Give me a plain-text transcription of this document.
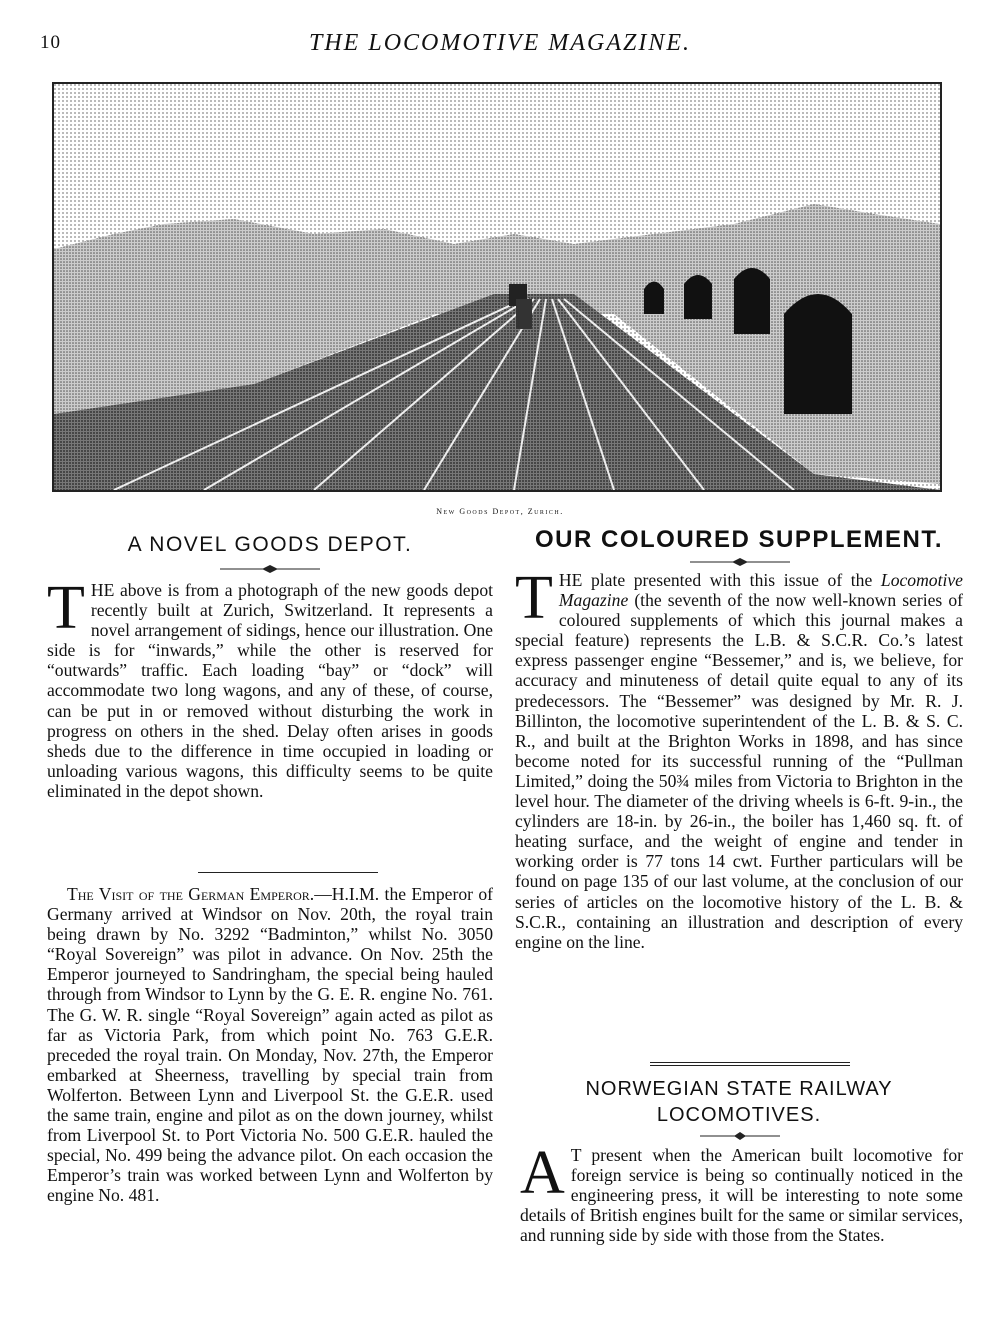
10	THE LOCOMOTIVE MAGAZINE.
New Goods Depot, Zurich.
A NOVEL GOODS DEPOT.

THE above is from a photograph of the new goods depot recently built at Zurich, Switzerland. It represents a novel arrangement of sidings, hence our illustration. One side is for “inwards,” while the other is reserved for “outwards” traffic. Each loading “bay” or “dock” will accommodate two long wagons, and any of these, of course, can be put in or removed without disturbing the work in progress on others in the shed. Delay often arises in goods sheds due to the difference in time occupied in loading or unloading various wagons, this difficulty seems to be quite eliminated in the depot shown.

The Visit of the German Emperor.—H.I.M. the Emperor of Germany arrived at Windsor on Nov. 20th, the royal train being drawn by No. 3292 “Badminton,” whilst No. 3050 “Royal Sovereign” was pilot in advance. On Nov. 25th the Emperor journeyed to Sandringham, the special being hauled through from Windsor to Lynn by the G. E. R. engine No. 761. The G. W. R. single “Royal Sovereign” again acted as pilot as far as Victoria Park, from which point No. 763 G.E.R. preceded the royal train. On Monday, Nov. 27th, the Emperor embarked at Sheerness, travelling by special train from Wolferton. Between Lynn and Liverpool St. the G.E.R. used the same train, engine and pilot as on the down journey, whilst from Liverpool St. to Port Victoria No. 500 G.E.R. hauled the special, No. 499 being the advance pilot. On each occasion the Emperor’s train was worked between Lynn and Wolferton by engine No. 481.

OUR COLOURED SUPPLEMENT.

THE plate presented with this issue of the Locomotive Magazine (the seventh of the now well-known series of coloured supplements of which this journal makes a special feature) represents the L.B. & S.C.R. Co.’s latest express passenger engine “Bessemer,” and is, we believe, for accuracy and minuteness of detail quite equal to any of its predecessors. The “Bessemer” was designed by Mr. R. J. Billinton, the locomotive superintendent of the L. B. & S. C. R., and built at the Brighton Works in 1898, and has since become noted for its successful running of the “Pullman Limited,” doing the 50¾ miles from Victoria to Brighton in the level hour. The diameter of the driving wheels is 6-ft. 9-in., the cylinders are 18-in. by 26-in., the boiler has 1,460 sq. ft. of heating surface, and the weight of engine and tender in working order is 77 tons 14 cwt. Further particulars will be found on page 135 of our last volume, at the conclusion of our series of articles on the locomotive history of the L. B. & S.C.R., containing an illustration and description of every engine on the line.

NORWEGIAN STATE RAILWAY
LOCOMOTIVES.

A T present when the American built locomotive for foreign service is being so continually noticed in the engineering press, it will be interesting to note some details of British engines built for the same or similar services, and running side by side with those from the States.
